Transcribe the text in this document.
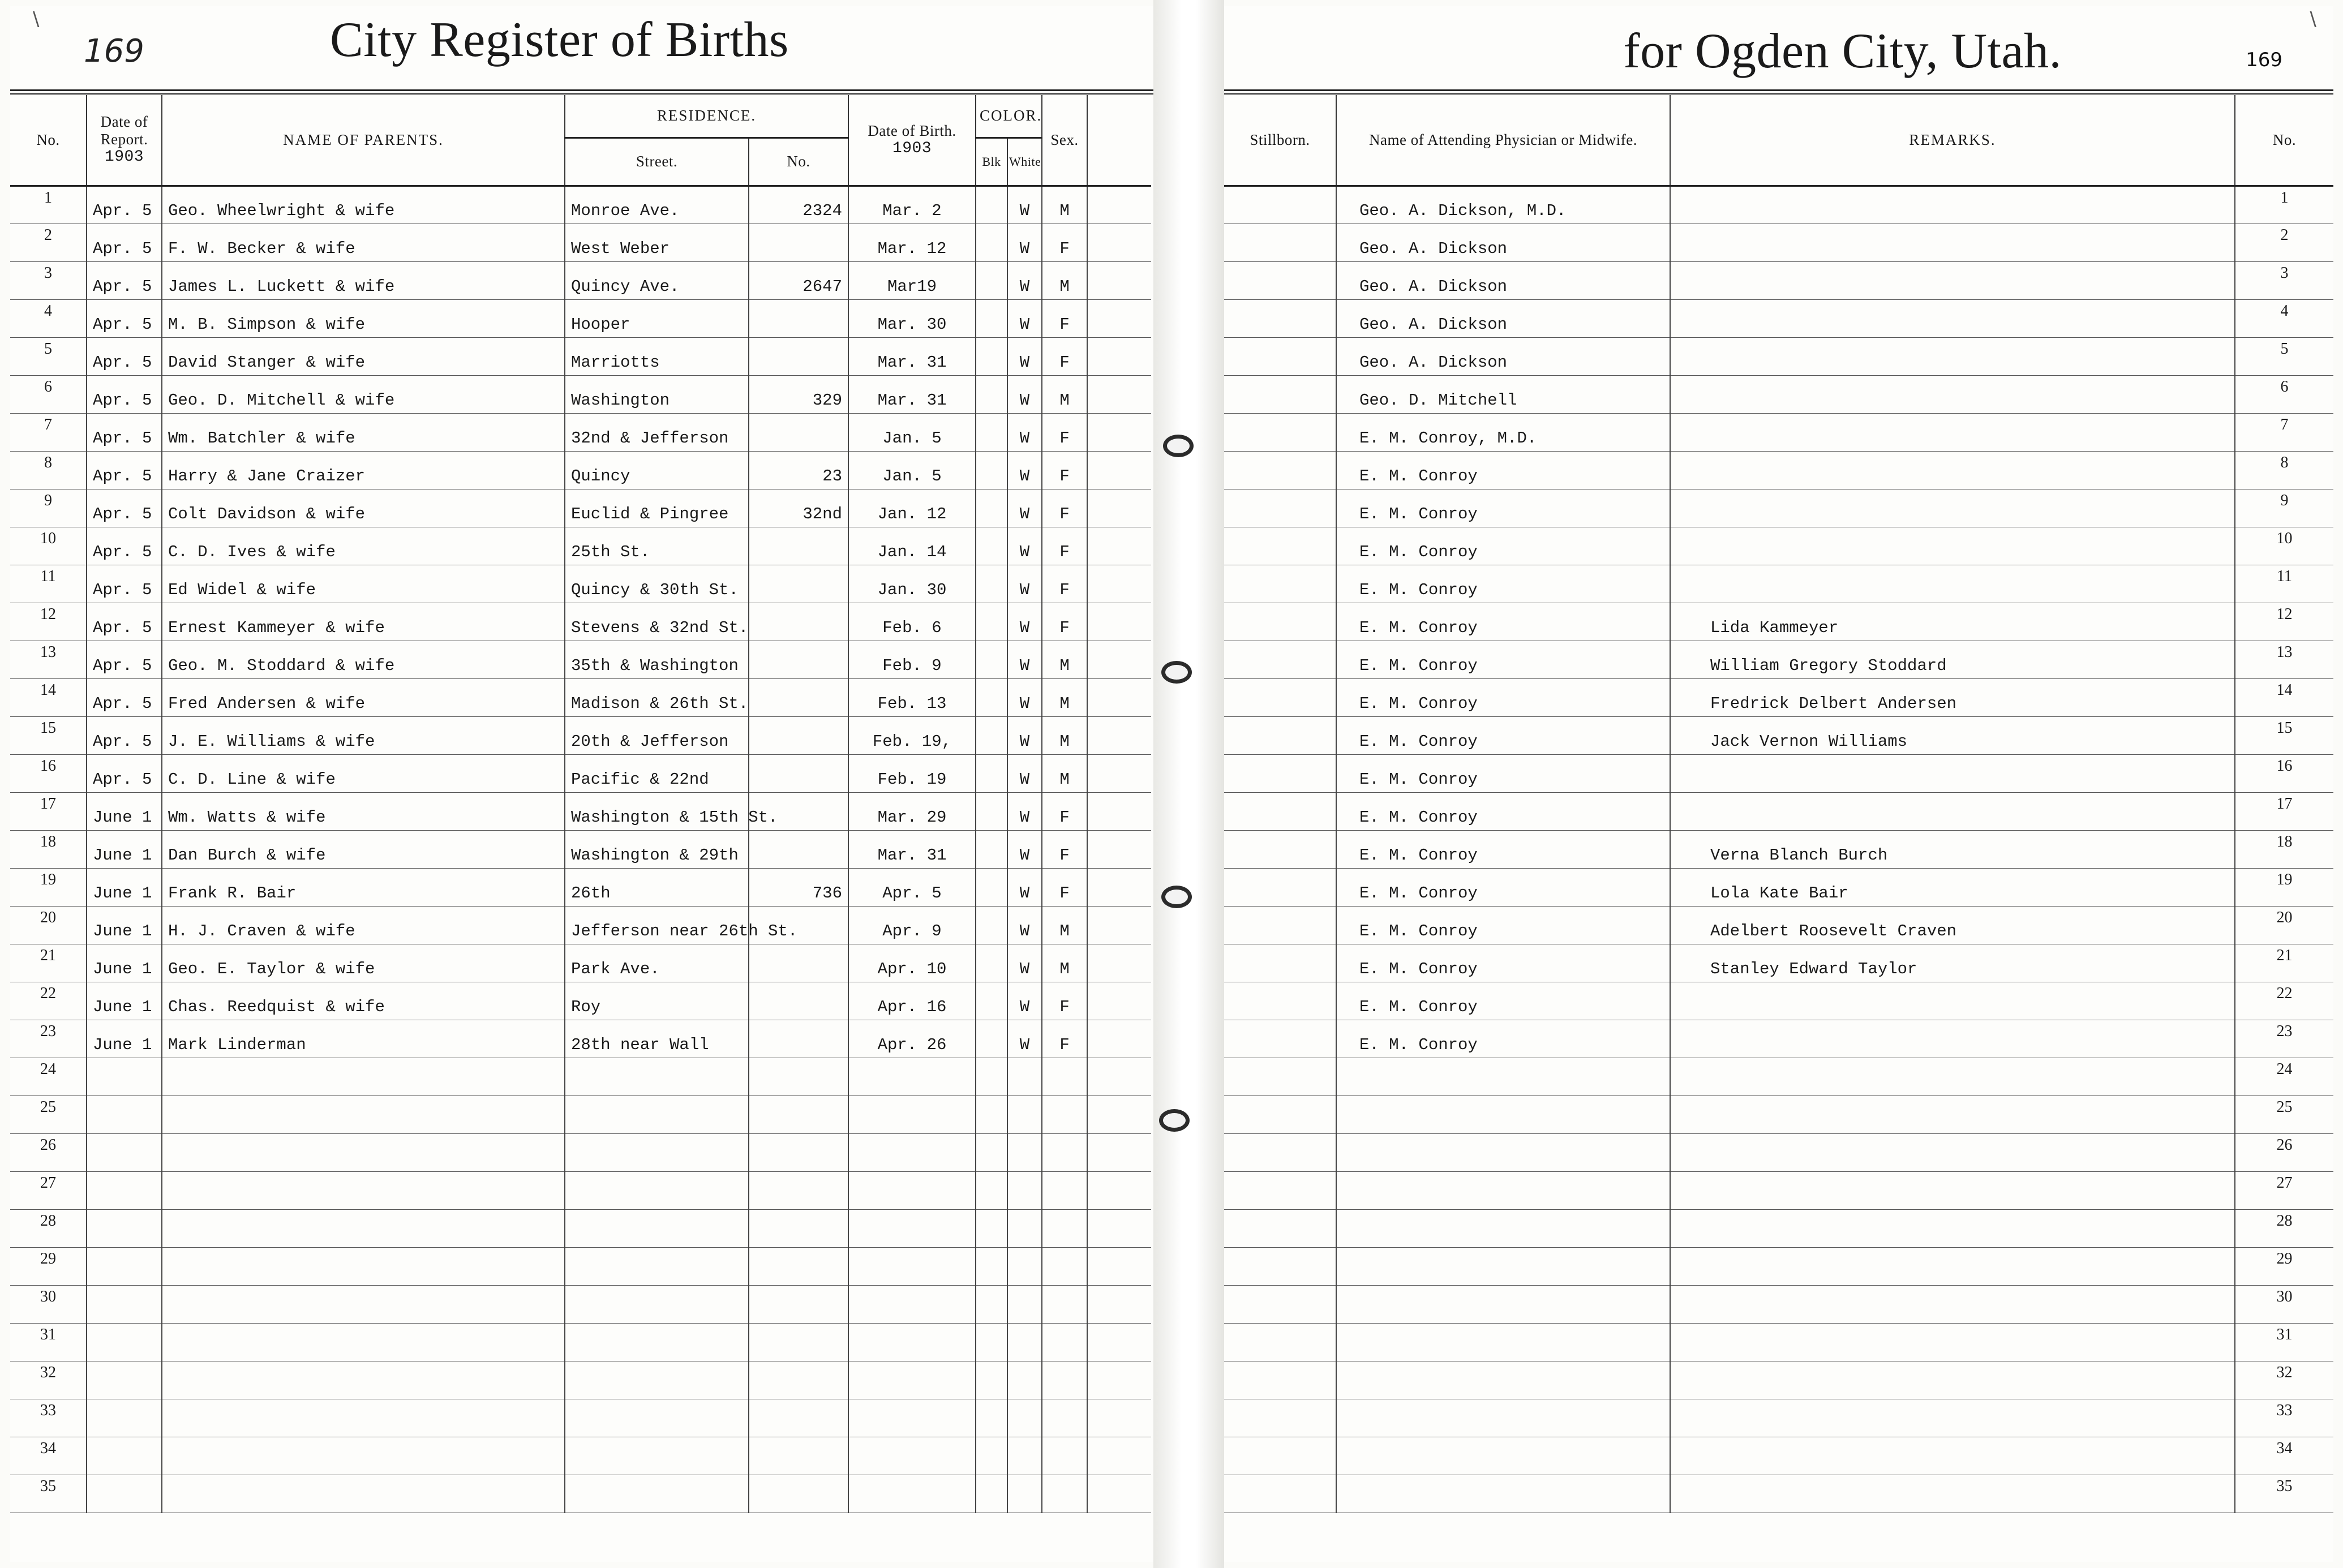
\
169	City Register of Births
No.	Date of Report.
1903	NAME OF PARENTS.	RESIDENCE.		Date of Birth.
1903	COLOR.		Sex.	
			Street.	No.		Blk	White		
1	Apr. 5	Geo. Wheelwright & wife	Monroe Ave.	2324	Mar. 2		W	M	
2	Apr. 5	F. W. Becker & wife	West Weber		Mar. 12		W	F	
3	Apr. 5	James L. Luckett & wife	Quincy Ave.	2647	Mar19		W	M	
4	Apr. 5	M. B. Simpson & wife	Hooper		Mar. 30		W	F	
5	Apr. 5	David Stanger & wife	Marriotts		Mar. 31		W	F	
6	Apr. 5	Geo. D. Mitchell & wife	Washington	329	Mar. 31		W	M	
7	Apr. 5	Wm. Batchler & wife	32nd & Jefferson		Jan. 5		W	F	
8	Apr. 5	Harry & Jane Craizer	Quincy	23	Jan. 5		W	F	
9	Apr. 5	Colt Davidson & wife	Euclid & Pingree	32nd	Jan. 12		W	F	
10	Apr. 5	C. D. Ives & wife	25th St.		Jan. 14		W	F	
11	Apr. 5	Ed Widel & wife	Quincy & 30th St.		Jan. 30		W	F	
12	Apr. 5	Ernest Kammeyer & wife	Stevens & 32nd St.		Feb. 6		W	F	
13	Apr. 5	Geo. M. Stoddard & wife	35th & Washington		Feb. 9		W	M	
14	Apr. 5	Fred Andersen & wife	Madison & 26th St.		Feb. 13		W	M	
15	Apr. 5	J. E. Williams & wife	20th & Jefferson		Feb. 19,		W	M	
16	Apr. 5	C. D. Line & wife	Pacific & 22nd		Feb. 19		W	M	
17	June 1	Wm. Watts & wife	Washington & 15th St.		Mar. 29		W	F	
18	June 1	Dan Burch & wife	Washington & 29th		Mar. 31		W	F	
19	June 1	Frank R. Bair	26th	736	Apr. 5		W	F	
20	June 1	H. J. Craven & wife	Jefferson near 26th St.		Apr. 9		W	M	
21	June 1	Geo. E. Taylor & wife	Park Ave.		Apr. 10		W	M	
22	June 1	Chas. Reedquist & wife	Roy		Apr. 16		W	F	
23	June 1	Mark Linderman	28th near Wall		Apr. 26		W	F	
24									
25									
26									
27									
28									
29									
30									
31									
32									
33									
34									
35									
\
for Ogden City, Utah.	169
Stillborn.	Name of Attending Physician or Midwife.	REMARKS.	No.
	Geo. A. Dickson, M.D.		1
	Geo. A. Dickson		2
	Geo. A. Dickson		3
	Geo. A. Dickson		4
	Geo. A. Dickson		5
	Geo. D. Mitchell		6
	E. M. Conroy, M.D.		7
	E. M. Conroy		8
	E. M. Conroy		9
	E. M. Conroy		10
	E. M. Conroy		11
	E. M. Conroy	Lida Kammeyer	12
	E. M. Conroy	William Gregory Stoddard	13
	E. M. Conroy	Fredrick Delbert Andersen	14
	E. M. Conroy	Jack Vernon Williams	15
	E. M. Conroy		16
	E. M. Conroy		17
	E. M. Conroy	Verna Blanch Burch	18
	E. M. Conroy	Lola Kate Bair	19
	E. M. Conroy	Adelbert Roosevelt Craven	20
	E. M. Conroy	Stanley Edward Taylor	21
	E. M. Conroy		22
	E. M. Conroy		23
			24
			25
			26
			27
			28
			29
			30
			31
			32
			33
			34
			35
